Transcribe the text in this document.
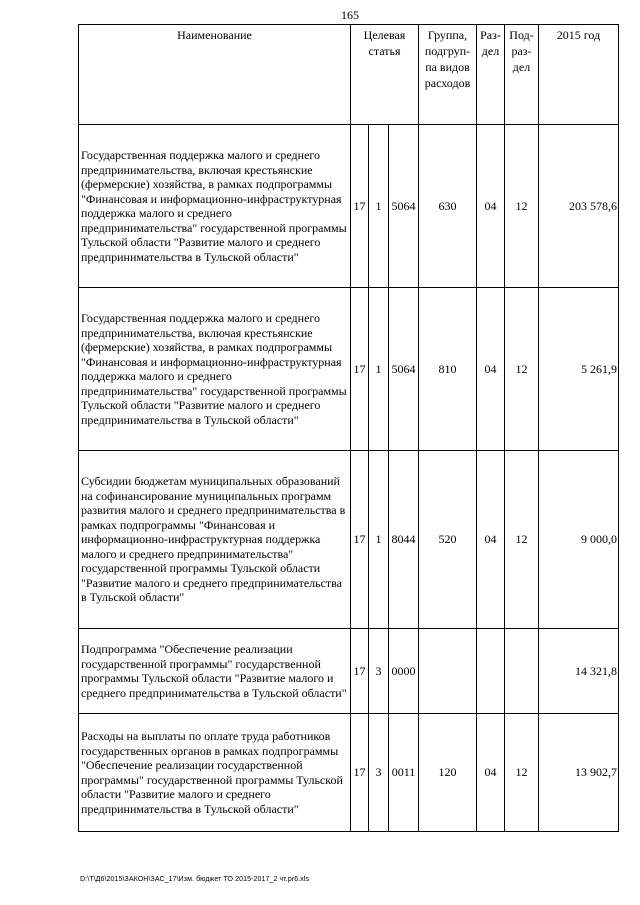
165
Наименование	Целевая статья			Группа, подгруп-па видов расходов	Раз-дел	Под-раз-дел	2015 год
Государственная поддержка малого и среднего предпринимательства, включая крестьянские (фермерские) хозяйства, в рамках подпрограммы "Финансовая и информационно-инфраструктурная поддержка малого и среднего предпринимательства" государственной программы Тульской области "Развитие малого и среднего предпринимательства в Тульской области"	17	1	5064	630	04	12	203 578,6
Государственная поддержка малого и среднего предпринимательства, включая крестьянские (фермерские) хозяйства, в рамках подпрограммы "Финансовая и информационно-инфраструктурная поддержка малого и среднего предпринимательства" государственной программы Тульской области "Развитие малого и среднего предпринимательства в Тульской области"	17	1	5064	810	04	12	5 261,9
Субсидии бюджетам муниципальных образований на софинансирование муниципальных программ развития малого и среднего предпринимательства в рамках подпрограммы "Финансовая и информационно-инфраструктурная поддержка малого и среднего предпринимательства" государственной программы Тульской области "Развитие малого и среднего предпринимательства в Тульской области"	17	1	8044	520	04	12	9 000,0
Подпрограмма "Обеспечение реализации государственной программы" государственной программы Тульской области "Развитие малого и среднего предпринимательства в Тульской области"	17	3	0000				14 321,8
Расходы на выплаты по оплате труда работников государственных органов в рамках подпрограммы "Обеспечение реализации государственной программы" государственной программы Тульской области "Развитие малого и среднего предпринимательства в Тульской области"	17	3	0011	120	04	12	13 902,7
D:\Т\Д6\2015\ЗАКОН\ЗАС_17\Изм. бюджет ТО 2015-2017_2 чт.рr6.xls
